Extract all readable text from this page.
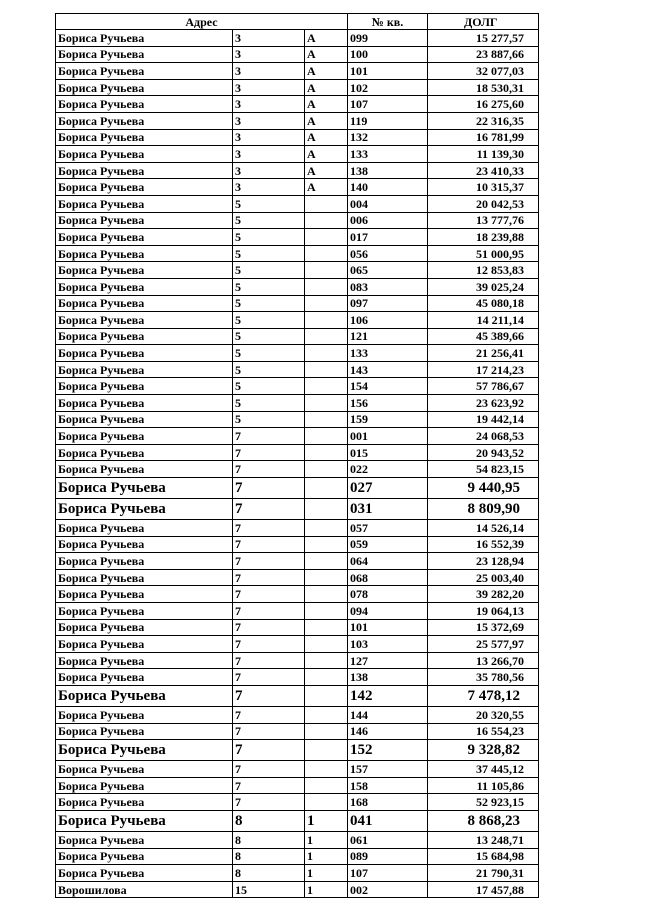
Адрес			№ кв.	ДОЛГ
Бориса Ручьева	3	А	099	15 277,57
Бориса Ручьева	3	А	100	23 887,66
Бориса Ручьева	3	А	101	32 077,03
Бориса Ручьева	3	А	102	18 530,31
Бориса Ручьева	3	А	107	16 275,60
Бориса Ручьева	3	А	119	22 316,35
Бориса Ручьева	3	А	132	16 781,99
Бориса Ручьева	3	А	133	11 139,30
Бориса Ручьева	3	А	138	23 410,33
Бориса Ручьева	3	А	140	10 315,37
Бориса Ручьева	5		004	20 042,53
Бориса Ручьева	5		006	13 777,76
Бориса Ручьева	5		017	18 239,88
Бориса Ручьева	5		056	51 000,95
Бориса Ручьева	5		065	12 853,83
Бориса Ручьева	5		083	39 025,24
Бориса Ручьева	5		097	45 080,18
Бориса Ручьева	5		106	14 211,14
Бориса Ручьева	5		121	45 389,66
Бориса Ручьева	5		133	21 256,41
Бориса Ручьева	5		143	17 214,23
Бориса Ручьева	5		154	57 786,67
Бориса Ручьева	5		156	23 623,92
Бориса Ручьева	5		159	19 442,14
Бориса Ручьева	7		001	24 068,53
Бориса Ручьева	7		015	20 943,52
Бориса Ручьева	7		022	54 823,15
Бориса Ручьева	7		027	9 440,95
Бориса Ручьева	7		031	8 809,90
Бориса Ручьева	7		057	14 526,14
Бориса Ручьева	7		059	16 552,39
Бориса Ручьева	7		064	23 128,94
Бориса Ручьева	7		068	25 003,40
Бориса Ручьева	7		078	39 282,20
Бориса Ручьева	7		094	19 064,13
Бориса Ручьева	7		101	15 372,69
Бориса Ручьева	7		103	25 577,97
Бориса Ручьева	7		127	13 266,70
Бориса Ручьева	7		138	35 780,56
Бориса Ручьева	7		142	7 478,12
Бориса Ручьева	7		144	20 320,55
Бориса Ручьева	7		146	16 554,23
Бориса Ручьева	7		152	9 328,82
Бориса Ручьева	7		157	37 445,12
Бориса Ручьева	7		158	11 105,86
Бориса Ручьева	7		168	52 923,15
Бориса Ручьева	8	1	041	8 868,23
Бориса Ручьева	8	1	061	13 248,71
Бориса Ручьева	8	1	089	15 684,98
Бориса Ручьева	8	1	107	21 790,31
Ворошилова	15	1	002	17 457,88
